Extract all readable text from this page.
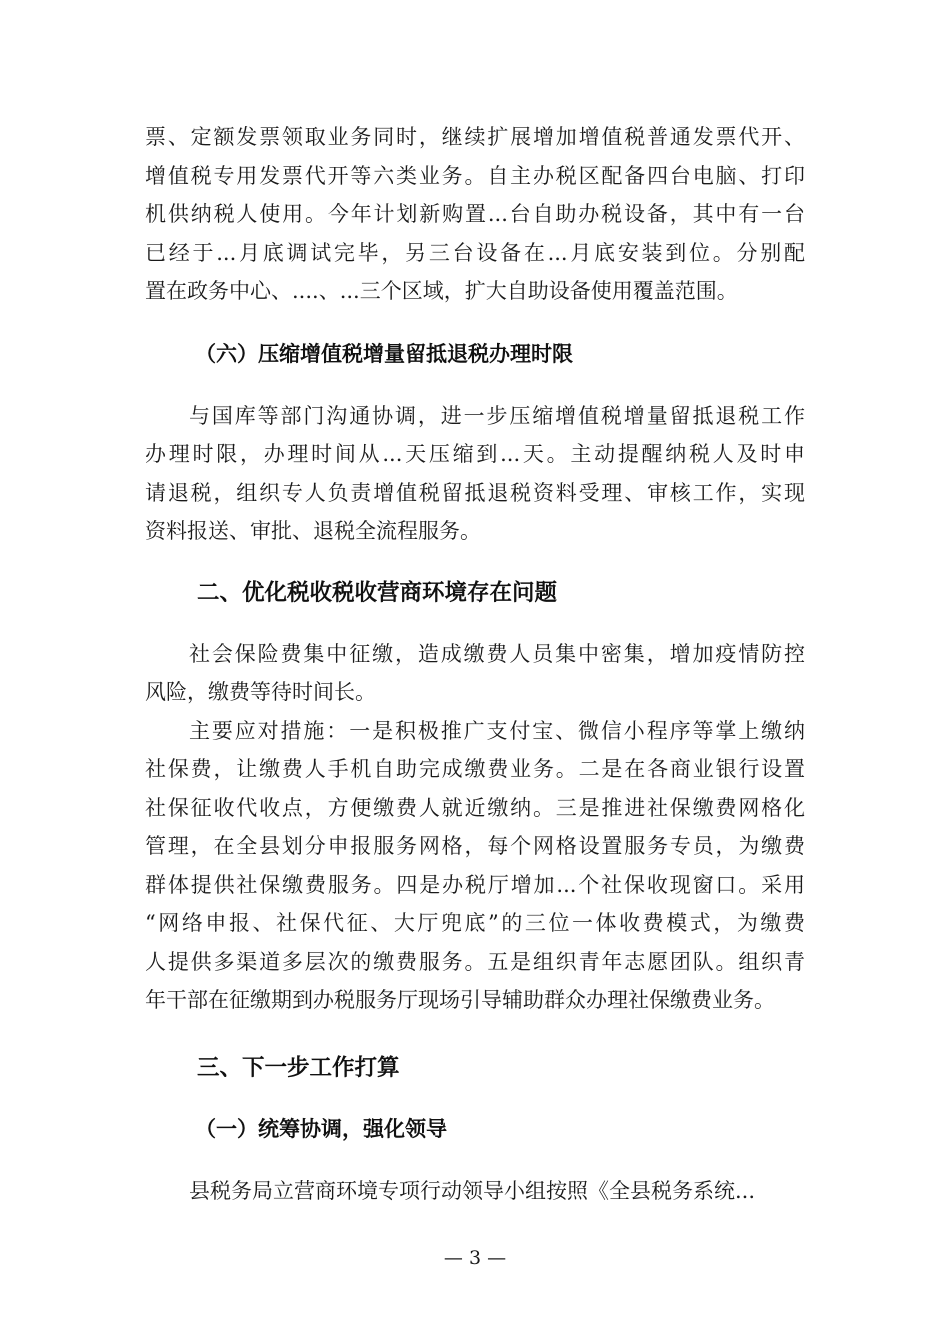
票、定额发票领取业务同时，继续扩展增加增值税普通发票代开、
增值税专用发票代开等六类业务。自主办税区配备四台电脑、打印
机供纳税人使用。今年计划新购置...台自助办税设备，其中有一台
已经于...月底调试完毕，另三台设备在...月底安装到位。分别配
置在政务中心、....、...三个区域，扩大自助设备使用覆盖范围。
（六）压缩增值税增量留抵退税办理时限
与国库等部门沟通协调，进一步压缩增值税增量留抵退税工作
办理时限，办理时间从...天压缩到...天。主动提醒纳税人及时申
请退税，组织专人负责增值税留抵退税资料受理、审核工作，实现
资料报送、审批、退税全流程服务。
二、优化税收税收营商环境存在问题
社会保险费集中征缴，造成缴费人员集中密集，增加疫情防控
风险，缴费等待时间长。
主要应对措施：一是积极推广支付宝、微信小程序等掌上缴纳
社保费，让缴费人手机自助完成缴费业务。二是在各商业银行设置
社保征收代收点，方便缴费人就近缴纳。三是推进社保缴费网格化
管理，在全县划分申报服务网格，每个网格设置服务专员，为缴费
群体提供社保缴费服务。四是办税厅增加...个社保收现窗口。采用
“网络申报、社保代征、大厅兜底”的三位一体收费模式，为缴费
人提供多渠道多层次的缴费服务。五是组织青年志愿团队。组织青
年干部在征缴期到办税服务厅现场引导辅助群众办理社保缴费业务。
三、下一步工作打算
（一）统筹协调，强化领导
县税务局立营商环境专项行动领导小组按照《全县税务系统...
— 3 —
